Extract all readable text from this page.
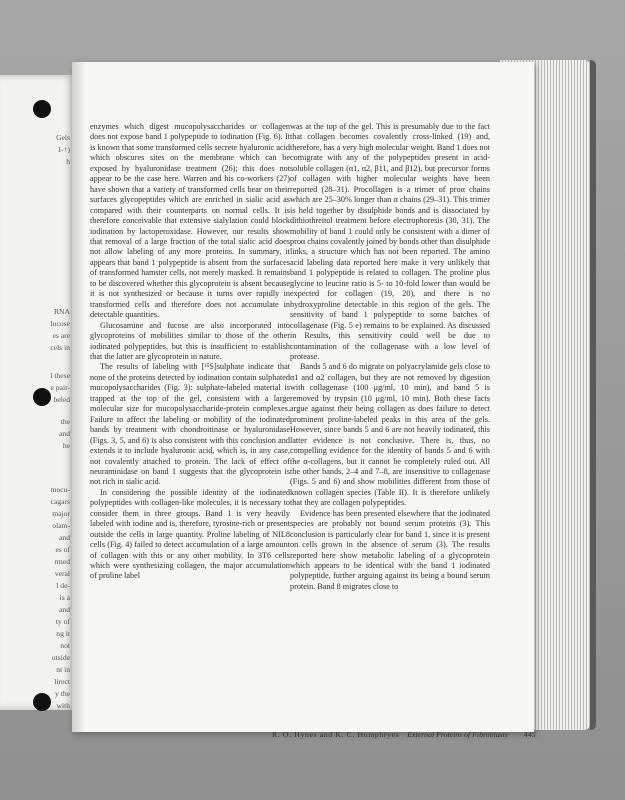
Gels
1-↑)
h
RNA
lucose
es are
cels in
l these
e pair-
beled
the
and
he
mocu-
cagars
major
olam-
and
es of
rmed
veral
l de-
is a
and
ty of
ng it
not
utside
nt in
lirect
y the
with

enzymes which digest mucopolysaccharides or collagen does not expose band 1 polypeptide to iodination (Fig. 6). It is known that some transformed cells secrete hyaluronic acid which obscures sites on the membrane which can be exposed by hyaluronidase treatment (26); this does not appear to be the case here. Warren and his co-workers (27) have shown that a variety of transformed cells bear on their surfaces glycopeptides which are enriched in sialic acid as compared with their counterparts on normal cells. It is therefore conceivable that extensive sialylation could block iodination by lactoperoxidase. However, our results show that removal of a large fraction of the total sialic acid does not allow labeling of any more proteins. In summary, it appears that band 1 polypeptide is absent from the surfaces of transformed hamster cells, not merely masked. It remains to be discovered whether this glycoprotein is absent because it is not synthesized or because it turns over rapidly in transformed cells and therefore does not accumulate in detectable quantities.

Glucosamine and fucose are also incorporated into glycoproteins of mobilities similar to those of the other iodinated polypeptides, but this is insufficient to establish that the latter are glycoprotein in nature.

The results of labeling with [³⁵S]sulphate indicate that none of the proteins detected by iodination contain sulphated mucopolysaccharides (Fig. 3): sulphate-labeled material is trapped at the top of the gel, consistent with a large molecular size for mucopolysaccharide-protein complexes. Failure to affect the labeling or mobility of the iodinated bands by treatment with chondroitinase or hyaluronidase (Figs. 3, 5, and 6) is also consistent with this conclusion and extends it to include hyaluronic acid, which is, in any case, not covalently attached to protein. The lack of effect of neuraminidase on band 1 suggests that the glycoprotein is not rich in sialic acid.

In considering the possible identity of the iodinated polypeptides with collagen-like molecules, it is necessary to consider them in three groups. Band 1 is very heavily labeled with iodine and is, therefore, tyrosine-rich or present outside the cells in large quantity. Proline labeling of NIL8 cells (Fig. 4) failed to detect accumulation of a large amount of collagen with this or any other mobility. In 3T6 cells which were synthesizing collagen, the major accumulation of proline label

was at the top of the gel. This is presumably due to the fact that collagen becomes covalently cross-linked (19) and, therefore, has a very high molecular weight. Band 1 does not comigrate with any of the polypeptides present in acid-soluble collagen (α1, α2, β11, and β12), but precursor forms of collagen with higher molecular weights have been reported (28–31). Procollagen is a trimer of proα chains which are 25–30% longer than α chains (29–31). This trimer is held together by disulphide bonds and is dissociated by dithiothreitol treatment before electrophoresis (30, 31). The mobility of band 1 could only be consistent with a dimer of proα chains covalently joined by bonds other than disulphide links, a structure which has not been reported. The amino acid labeling data reported here make it very unlikely that band 1 polypeptide is related to collagen. The proline plus glycine to leucine ratio is 5- to 10-fold lower than would be expected for collagen (19, 20), and there is no hydroxyproline detectable in this region of the gels. The sensitivity of band 1 polypeptide to some batches of collagenase (Fig. 5 e) remains to be explained. As discussed in Results, this sensitivity could well be due to contamination of the collagenase with a low level of protease.

Bands 5 and 6 do migrate on polyacrylamide gels close to α1 and α2 collagen, but they are not removed by digestion with collagenase (100 μg/ml, 10 min), and band 5 is removed by trypsin (10 μg/ml, 10 min). Both these facts argue against their being collagen as does failure to detect prominent proline-labeled peaks in this area of the gels. However, since bands 5 and 6 are not heavily iodinated, this latter evidence is not conclusive. There is, thus, no compelling evidence for the identity of bands 5 and 6 with the α-collagens, but it cannot be completely ruled out. All the other bands, 2–4 and 7–8, are insensitive to collagenase (Figs. 5 and 6) and show mobilities different from those of known collagen species (Table II). It is therefore unlikely that they are collagen polypeptides.

Evidence has been presented elsewhere that the iodinated species are probably not bound serum proteins (3). This conclusion is particularly clear for band 1, since it is present on cells grown in the absence of serum (3). The results reported here show metabolic labeling of a glycoprotein which appears to be identical with the band 1 iodinated polypeptide, further arguing against its being a bound serum protein. Band 8 migrates close to

R. O. Hynes and K. C. Humphryes External Proteins of Fibroblasts 445
